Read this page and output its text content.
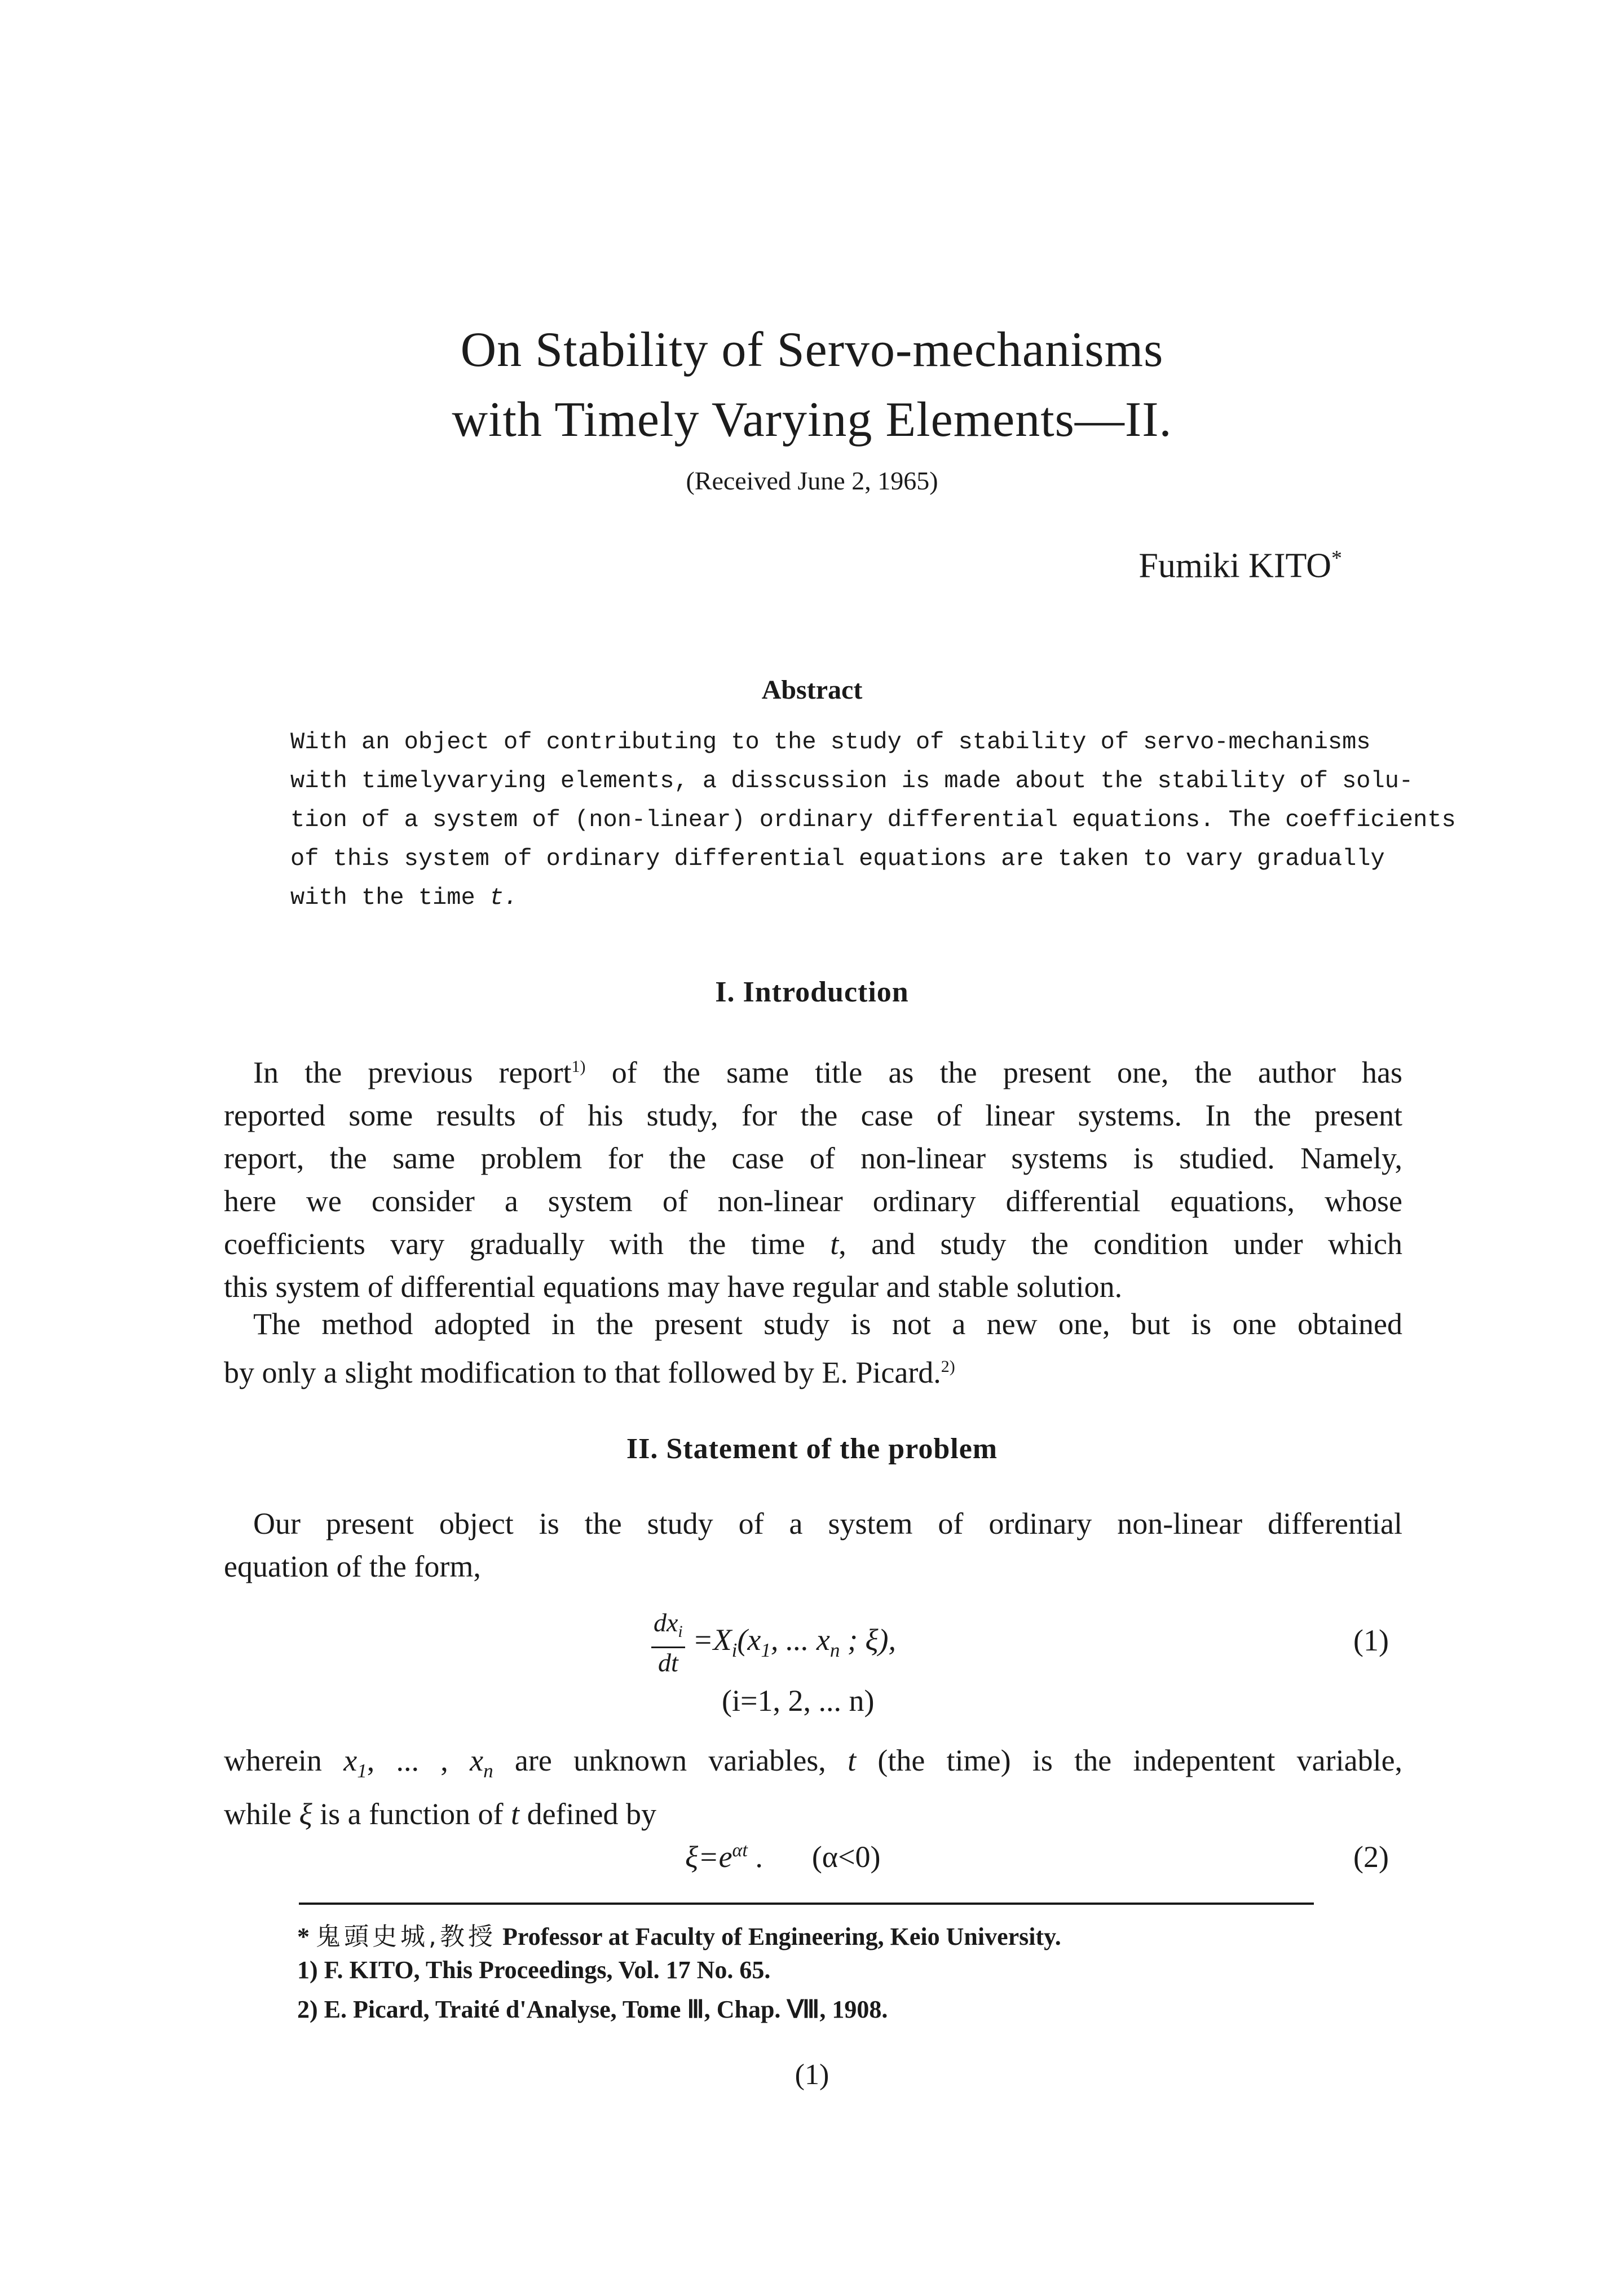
On Stability of Servo-mechanisms
with Timely Varying Elements—II.
(Received June 2, 1965)
Fumiki KITO*
Abstract
With an object of contributing to the study of stability of servo-mechanisms
with timelyvarying elements, a disscussion is made about the stability of solu-
tion of a system of (non-linear) ordinary differential equations. The coefficients
of this system of ordinary differential equations are taken to vary gradually
with the time t.
I. Introduction
In the previous report$^{1)}$ of the same title as the present one, the author has
reported some results of his study, for the case of linear systems. In the present
report, the same problem for the case of non-linear systems is studied. Namely,
here we consider a system of non-linear ordinary differential equations, whose
coefficients vary gradually with the time t, and study the condition under which
this system of differential equations may have regular and stable solution.
The method adopted in the present study is not a new one, but is one obtained
by only a slight modification to that followed by E. Picard.$^{2)}$
II. Statement of the problem
Our present object is the study of a system of ordinary non-linear differential
equation of the form,
$\frac{dx_i}{dt} =X_i(x_1$, ... $x_n$ ; ξ),	(1)
(i=1, 2, ... n)
wherein $x_1$, ... , $x_n$ are unknown variables, t (the time) is the indepentent variable,
while ξ is a function of t defined by
$\xi=e^{\alpha t}$ . (α<0)	(2)
* 鬼頭史城,教授 Professor at Faculty of Engineering, Keio University.
1) F. KITO, This Proceedings, Vol. 17 No. 65.
2) E. Picard, Traité d'Analyse, Tome Ⅲ, Chap. Ⅷ, 1908.
(1)
